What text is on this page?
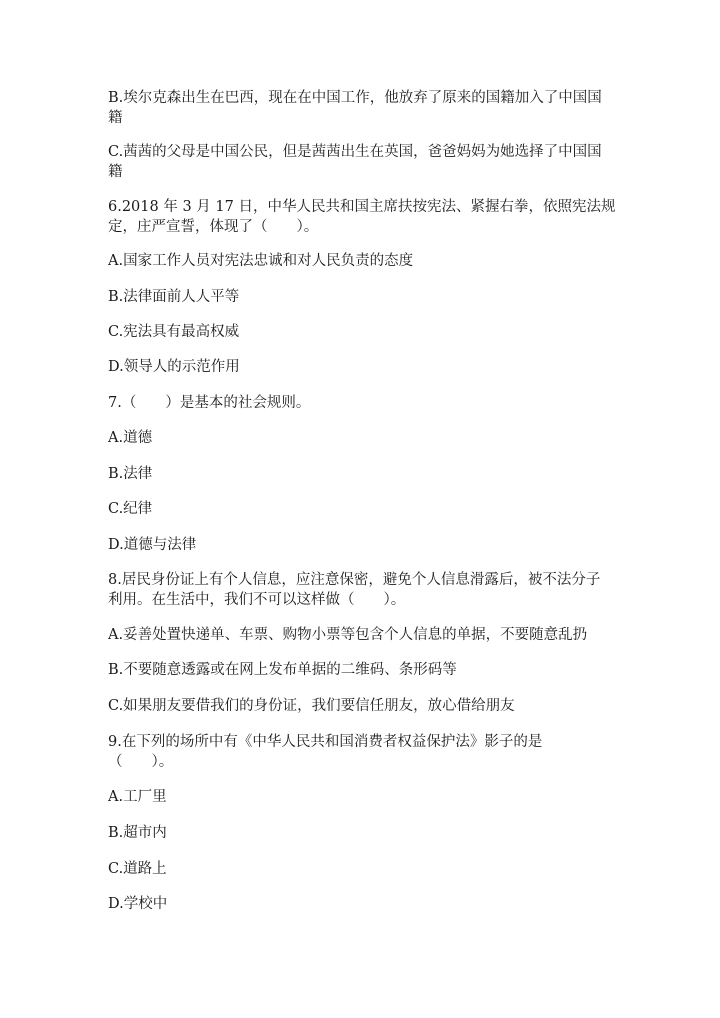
B.埃尔克森出生在巴西，现在在中国工作，他放弃了原来的国籍加入了中国国
籍
C.茜茜的父母是中国公民，但是茜茜出生在英国，爸爸妈妈为她选择了中国国
籍
6.2018 年 3 月 17 日，中华人民共和国主席扶按宪法、紧握右拳，依照宪法规
定，庄严宣誓，体现了（　　）。
A.国家工作人员对宪法忠诚和对人民负责的态度
B.法律面前人人平等
C.宪法具有最高权威
D.领导人的示范作用
7.（　　）是基本的社会规则。
A.道德
B.法律
C.纪律
D.道德与法律
8.居民身份证上有个人信息，应注意保密，避免个人信息滑露后，被不法分子
利用。在生活中，我们不可以这样做（　　）。
A.妥善处置快递单、车票、购物小票等包含个人信息的单据，不要随意乱扔
B.不要随意透露或在网上发布单据的二维码、条形码等
C.如果朋友要借我们的身份证，我们要信任朋友，放心借给朋友
9.在下列的场所中有《中华人民共和国消费者权益保护法》影子的是
（　　）。
A.工厂里
B.超市内
C.道路上
D.学校中
